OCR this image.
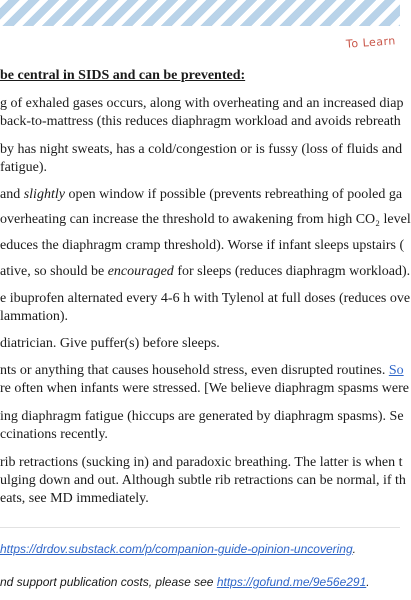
To Learn
be central in SIDS and can be prevented:
g of exhaled gases occurs, along with overheating and an increased diap
back-to-mattress (this reduces diaphragm workload and avoids rebreath
by has night sweats, has a cold/congestion or is fussy (loss of fluids and
fatigue).
and slightly open window if possible (prevents rebreathing of pooled ga
overheating can increase the threshold to awakening from high CO₂ level
educes the diaphragm cramp threshold). Worse if infant sleeps upstairs (
ative, so should be encouraged for sleeps (reduces diaphragm workload).
e ibuprofen alternated every 4-6 h with Tylenol at full doses (reduces ove
lammation).
diatrician. Give puffer(s) before sleeps.
nts or anything that causes household stress, even disrupted routines. So
re often when infants were stressed. [We believe diaphragm spasms were
ing diaphragm fatigue (hiccups are generated by diaphragm spasms). Se
ccinations recently.
rib retractions (sucking in) and paradoxic breathing. The latter is when t
ulging down and out. Although subtle rib retractions can be normal, if th
eats, see MD immediately.
https://drdov.substack.com/p/companion-guide-opinion-uncovering.
nd support publication costs, please see https://gofund.me/9e56e291.
